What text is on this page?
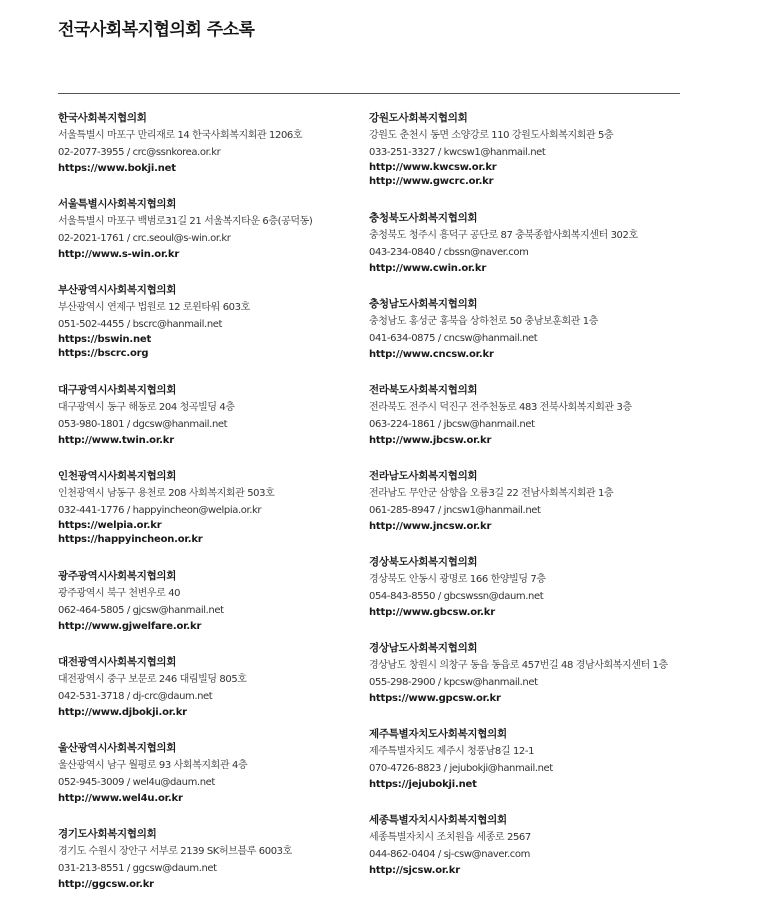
전국사회복지협의회 주소록
한국사회복지협의회
서울특별시 마포구 만리재로 14 한국사회복지회관 1206호
02-2077-3955 / crc@ssnkorea.or.kr
https://www.bokji.net
서울특별시사회복지협의회
서울특별시 마포구 백범로31길 21 서울복지타운 6층(공덕동)
02-2021-1761 / crc.seoul@s-win.or.kr
http://www.s-win.or.kr
부산광역시사회복지협의회
부산광역시 연제구 법원로 12 로윈타워 603호
051-502-4455 / bscrc@hanmail.net
https://bswin.net
https://bscrc.org
대구광역시사회복지협의회
대구광역시 동구 해동로 204 청곡빌딩 4층
053-980-1801 / dgcsw@hanmail.net
http://www.twin.or.kr
인천광역시사회복지협의회
인천광역시 남동구 용천로 208 사회복지회관 503호
032-441-1776 / happyincheon@welpia.or.kr
https://welpia.or.kr
https://happyincheon.or.kr
광주광역시사회복지협의회
광주광역시 북구 천변우로 40
062-464-5805 / gjcsw@hanmail.net
http://www.gjwelfare.or.kr
대전광역시사회복지협의회
대전광역시 중구 보문로 246 대림빌딩 805호
042-531-3718 / dj-crc@daum.net
http://www.djbokji.or.kr
울산광역시사회복지협의회
울산광역시 남구 월평로 93 사회복지회관 4층
052-945-3009 / wel4u@daum.net
http://www.wel4u.or.kr
경기도사회복지협의회
경기도 수원시 장안구 서부로 2139 SK허브블루 6003호
031-213-8551 / ggcsw@daum.net
http://ggcsw.or.kr
강원도사회복지협의회
강원도 춘천시 동면 소양강로 110 강원도사회복지회관 5층
033-251-3327 / kwcsw1@hanmail.net
http://www.kwcsw.or.kr
http://www.gwcrc.or.kr
충청북도사회복지협의회
충청북도 청주시 흥덕구 공단로 87 충북종합사회복지센터 302호
043-234-0840 / cbssn@naver.com
http://www.cwin.or.kr
충청남도사회복지협의회
충청남도 홍성군 홍북읍 상하천로 50 충남보훈회관 1층
041-634-0875 / cncsw@hanmail.net
http://www.cncsw.or.kr
전라북도사회복지협의회
전라북도 전주시 덕진구 전주천동로 483 전북사회복지회관 3층
063-224-1861 / jbcsw@hanmail.net
http://www.jbcsw.or.kr
전라남도사회복지협의회
전라남도 무안군 삼향읍 오룡3길 22 전남사회복지회관 1층
061-285-8947 / jncsw1@hanmail.net
http://www.jncsw.or.kr
경상북도사회복지협의회
경상북도 안동시 광명로 166 한양빌딩 7층
054-843-8550 / gbcswssn@daum.net
http://www.gbcsw.or.kr
경상남도사회복지협의회
경상남도 창원시 의창구 동읍 동읍로 457번길 48 경남사회복지센터 1층
055-298-2900 / kpcsw@hanmail.net
https://www.gpcsw.or.kr
제주특별자치도사회복지협의회
제주특별자치도 제주시 청풍남8길 12-1
070-4726-8823 / jejubokji@hanmail.net
https://jejubokji.net
세종특별자치시사회복지협의회
세종특별자치시 조치원읍 세종로 2567
044-862-0404 / sj-csw@naver.com
http://sjcsw.or.kr
